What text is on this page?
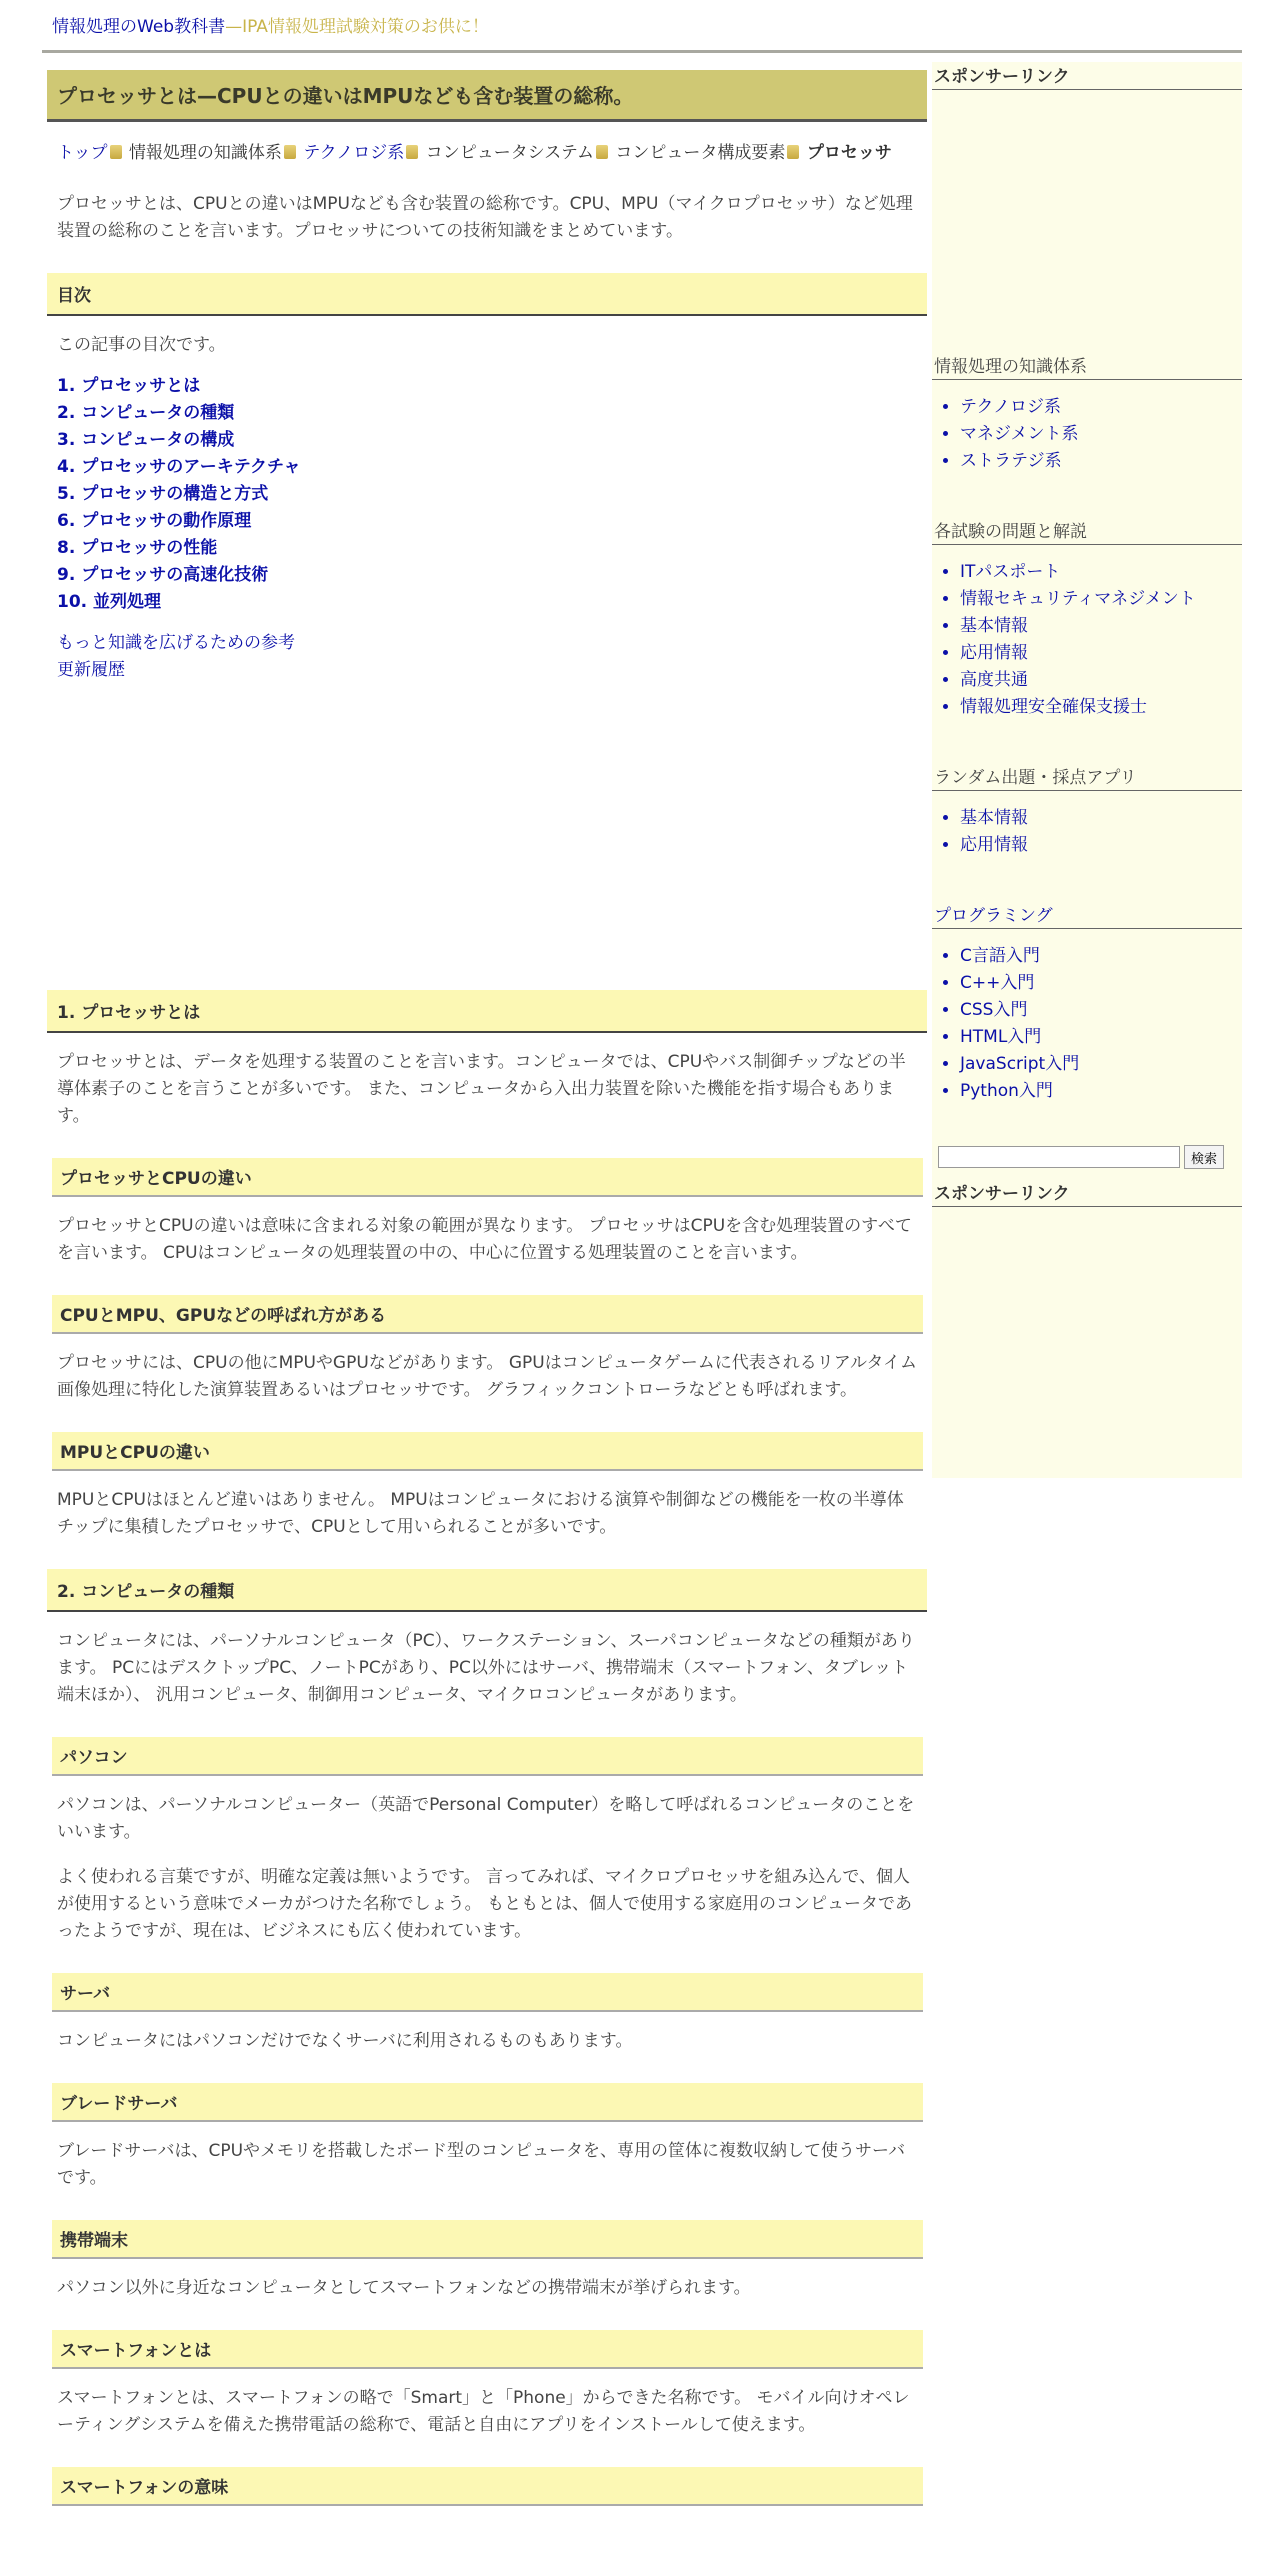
情報処理のWeb教科書—IPA情報処理試験対策のお供に！
プロセッサとは—CPUとの違いはMPUなども含む装置の総称。
トップ 情報処理の知識体系 テクノロジ系 コンピュータシステム コンピュータ構成要素 プロセッサ

プロセッサとは、CPUとの違いはMPUなども含む装置の総称です。CPU、MPU（マイクロプロセッサ）など処理装置の総称のことを言います。プロセッサについての技術知識をまとめています。

目次

この記事の目次です。

1. プロセッサとは
2. コンピュータの種類
3. コンピュータの構成
4. プロセッサのアーキテクチャ
5. プロセッサの構造と方式
6. プロセッサの動作原理
8. プロセッサの性能
9. プロセッサの高速化技術
10. 並列処理
もっと知識を広げるための参考
更新履歴
1. プロセッサとは

プロセッサとは、データを処理する装置のことを言います。コンピュータでは、CPUやバス制御チップなどの半導体素子のことを言うことが多いです。 また、コンピュータから入出力装置を除いた機能を指す場合もあります。

プロセッサとCPUの違い

プロセッサとCPUの違いは意味に含まれる対象の範囲が異なります。 プロセッサはCPUを含む処理装置のすべてを言います。 CPUはコンピュータの処理装置の中の、中心に位置する処理装置のことを言います。

CPUとMPU、GPUなどの呼ばれ方がある

プロセッサには、CPUの他にMPUやGPUなどがあります。 GPUはコンピュータゲームに代表されるリアルタイム画像処理に特化した演算装置あるいはプロセッサです。 グラフィックコントローラなどとも呼ばれます。

MPUとCPUの違い

MPUとCPUはほとんど違いはありません。 MPUはコンピュータにおける演算や制御などの機能を一枚の半導体チップに集積したプロセッサで、CPUとして用いられることが多いです。

2. コンピュータの種類

コンピュータには、パーソナルコンピュータ（PC）、ワークステーション、スーパコンピュータなどの種類があります。 PCにはデスクトップPC、ノートPCがあり、PC以外にはサーバ、携帯端末（スマートフォン、タブレット端末ほか）、 汎用コンピュータ、制御用コンピュータ、マイクロコンピュータがあります。

パソコン

パソコンは、パーソナルコンピューター（英語でPersonal Computer）を略して呼ばれるコンピュータのことをいいます。

よく使われる言葉ですが、明確な定義は無いようです。 言ってみれば、マイクロプロセッサを組み込んで、個人が使用するという意味でメーカがつけた名称でしょう。 もともとは、個人で使用する家庭用のコンピュータであったようですが、現在は、ビジネスにも広く使われています。

サーバ

コンピュータにはパソコンだけでなくサーバに利用されるものもあります。

ブレードサーバ

ブレードサーバは、CPUやメモリを搭載したボード型のコンピュータを、専用の筐体に複数収納して使うサーバです。

携帯端末

パソコン以外に身近なコンピュータとしてスマートフォンなどの携帯端末が挙げられます。

スマートフォンとは

スマートフォンとは、スマートフォンの略で「Smart」と「Phone」からできた名称です。 モバイル向けオペレーティングシステムを備えた携帯電話の総称で、電話と自由にアプリをインストールして使えます。

スマートフォンの意味
スポンサーリンク
情報処理の知識体系
• テクノロジ系
• マネジメント系
• ストラテジ系
各試験の問題と解説
• ITパスポート
• 情報セキュリティマネジメント
• 基本情報
• 応用情報
• 高度共通
• 情報処理安全確保支援士
ランダム出題・採点アプリ
• 基本情報
• 応用情報
プログラミング
• C言語入門
• C++入門
• CSS入門
• HTML入門
• JavaScript入門
• Python入門
検索
スポンサーリンク
